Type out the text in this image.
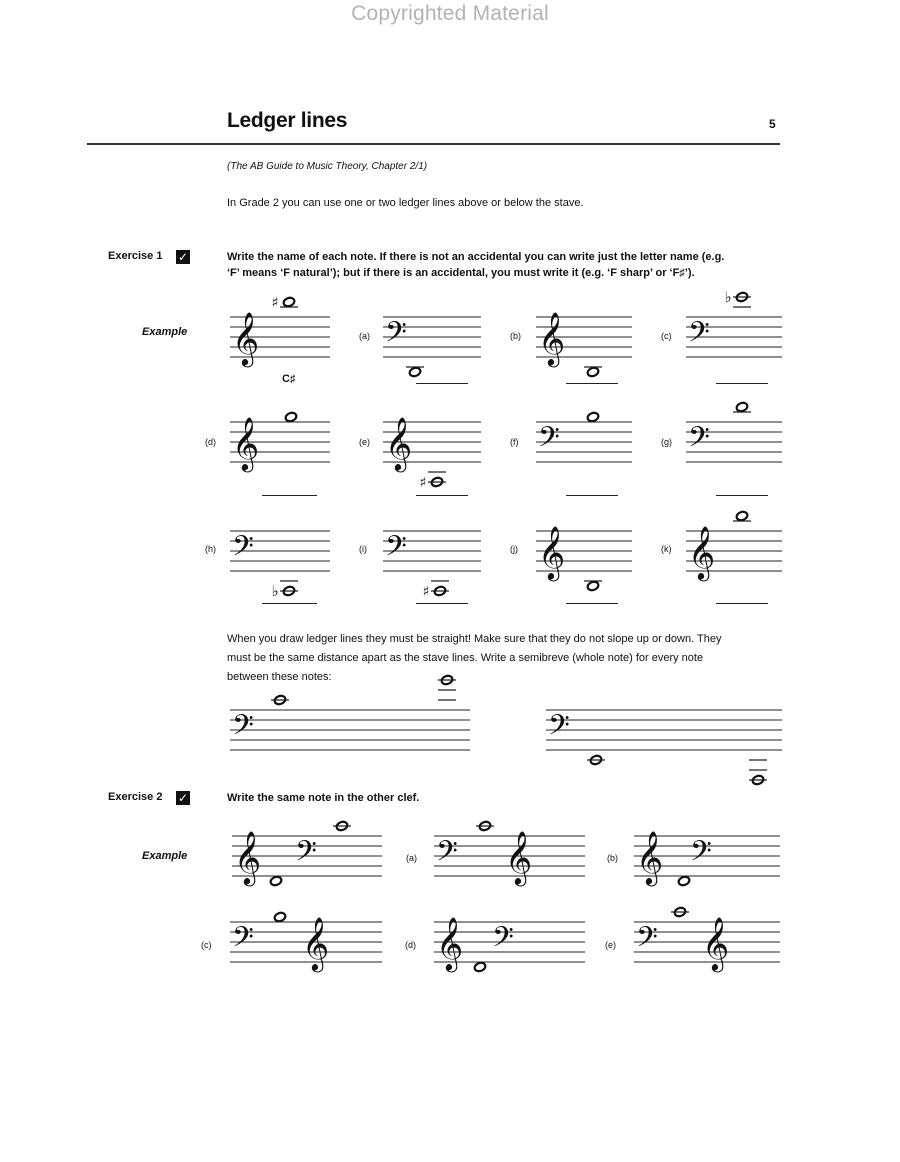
Copyrighted Material
Ledger lines	5
(The AB Guide to Music Theory, Chapter 2/1)
In Grade 2 you can use one or two ledger lines above or below the stave.
Exercise 1 ✓	Write the name of each note. If there is not an accidental you can write just the letter name (e.g.
‘F’ means ‘F natural’); but if there is an accidental, you must write it (e.g. ‘F sharp’ or ‘F♯’).
Example
C♯
(a)	(b)	(c)
(d)	(e)	(f)	(g)
(h)	(i)	(j)	(k)
When you draw ledger lines they must be straight! Make sure that they do not slope up or down. They
must be the same distance apart as the stave lines. Write a semibreve (whole note) for every note
between these notes:
Exercise 2 ✓	Write the same note in the other clef.
Example	(a)	(b)
(c)	(d)	(e)
𝄞
♯
𝄢	𝄞	𝄢
♭
𝄞	𝄞
♯
𝄢	𝄢
𝄢
♭
𝄢
♯
𝄞	𝄞
𝄢	𝄢
𝄞 𝄢	𝄢 𝄞 𝄞 𝄢
𝄢 𝄞 𝄞 𝄢	𝄢 𝄞
